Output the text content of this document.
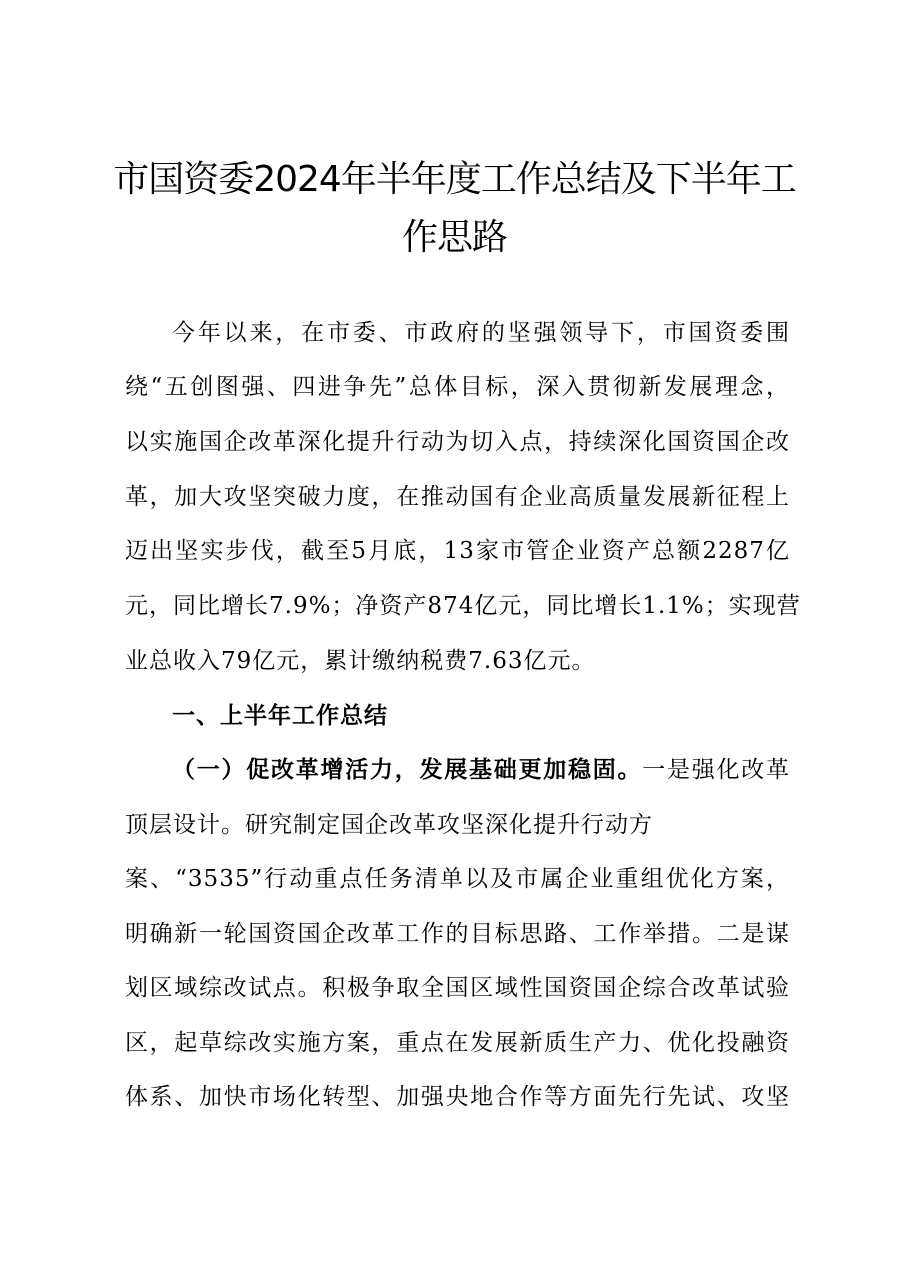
市国资委2024年半年度工作总结及下半年工
作思路
今年以来，在市委、市政府的坚强领导下，市国资委围
绕“五创图强、四进争先”总体目标，深入贯彻新发展理念，
以实施国企改革深化提升行动为切入点，持续深化国资国企改
革，加大攻坚突破力度，在推动国有企业高质量发展新征程上
迈出坚实步伐，截至5月底，13家市管企业资产总额2287亿
元，同比增长7.9%；净资产874亿元，同比增长1.1%；实现营
业总收入79亿元，累计缴纳税费7.63亿元。
一、上半年工作总结
（一）促改革增活力，发展基础更加稳固。一是强化改革
顶层设计。研究制定国企改革攻坚深化提升行动方
案、“3535”行动重点任务清单以及市属企业重组优化方案，
明确新一轮国资国企改革工作的目标思路、工作举措。二是谋
划区域综改试点。积极争取全国区域性国资国企综合改革试验
区，起草综改实施方案，重点在发展新质生产力、优化投融资
体系、加快市场化转型、加强央地合作等方面先行先试、攻坚
